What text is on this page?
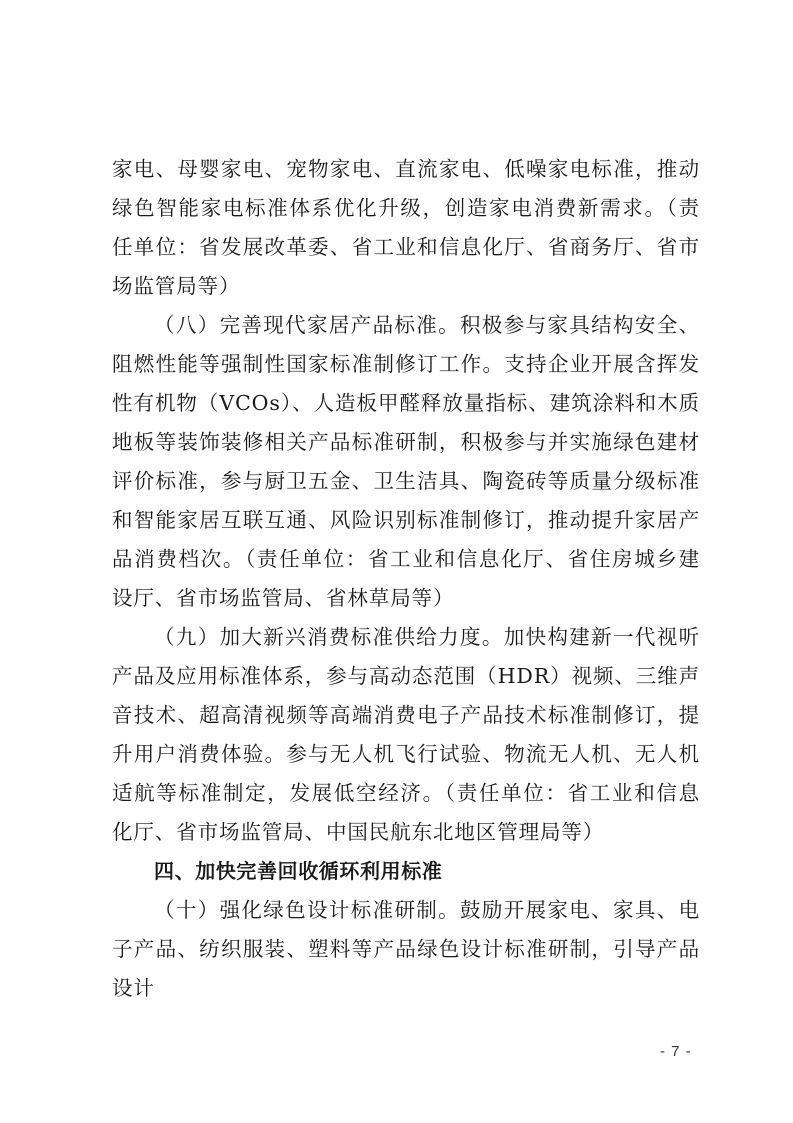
家电、母婴家电、宠物家电、直流家电、低噪家电标准，推动绿色智能家电标准体系优化升级，创造家电消费新需求。（责任单位：省发展改革委、省工业和信息化厅、省商务厅、省市场监管局等）

（八）完善现代家居产品标准。积极参与家具结构安全、阻燃性能等强制性国家标准制修订工作。支持企业开展含挥发性有机物（VCOs）、人造板甲醛释放量指标、建筑涂料和木质地板等装饰装修相关产品标准研制，积极参与并实施绿色建材评价标准，参与厨卫五金、卫生洁具、陶瓷砖等质量分级标准和智能家居互联互通、风险识别标准制修订，推动提升家居产品消费档次。（责任单位：省工业和信息化厅、省住房城乡建设厅、省市场监管局、省林草局等）

（九）加大新兴消费标准供给力度。加快构建新一代视听产品及应用标准体系，参与高动态范围（HDR）视频、三维声音技术、超高清视频等高端消费电子产品技术标准制修订，提升用户消费体验。参与无人机飞行试验、物流无人机、无人机适航等标准制定，发展低空经济。（责任单位：省工业和信息化厅、省市场监管局、中国民航东北地区管理局等）

四、加快完善回收循环利用标准

（十）强化绿色设计标准研制。鼓励开展家电、家具、电子产品、纺织服装、塑料等产品绿色设计标准研制，引导产品设计

- 7 -
